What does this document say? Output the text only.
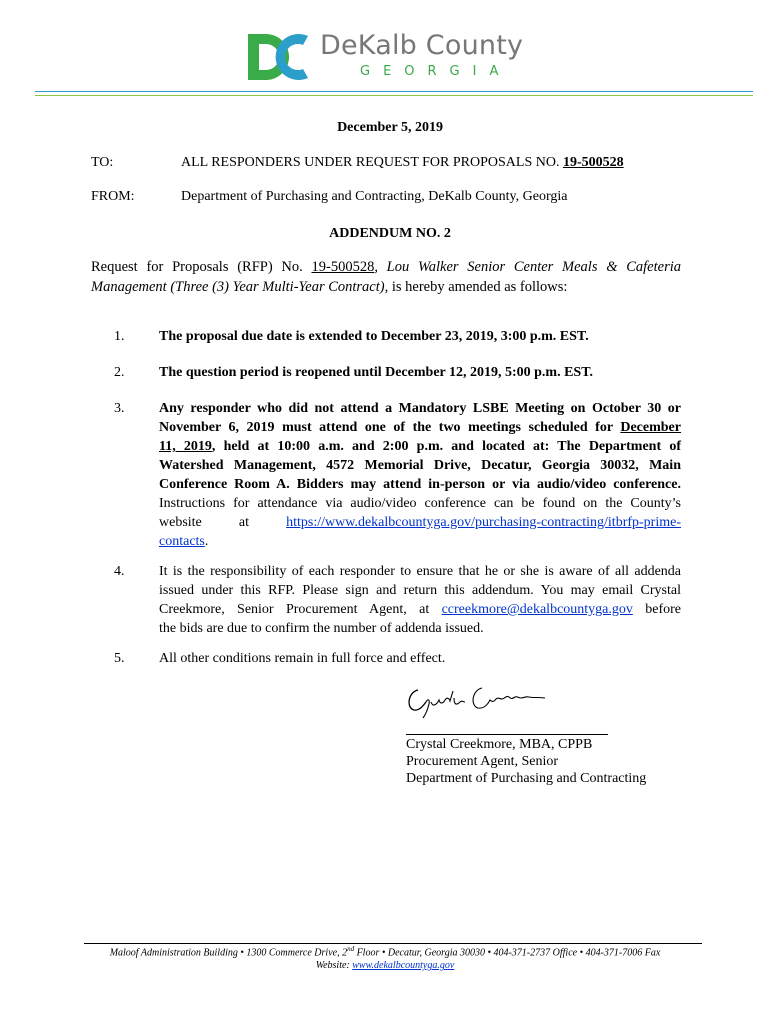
DeKalb County
GEORGIA
December 5, 2019
TO:	ALL RESPONDERS UNDER REQUEST FOR PROPOSALS NO. 19-500528
FROM:	Department of Purchasing and Contracting, DeKalb County, Georgia
ADDENDUM NO. 2
Request for Proposals (RFP) No. 19-500528, Lou Walker Senior Center Meals & Cafeteria
Management (Three (3) Year Multi-Year Contract), is hereby amended as follows:
1. The proposal due date is extended to December 23, 2019, 3:00 p.m. EST.
2. The question period is reopened until December 12, 2019, 5:00 p.m. EST.
3. Any responder who did not attend a Mandatory LSBE Meeting on October 30 or
November 6, 2019 must attend one of the two meetings scheduled for December
11, 2019, held at 10:00 a.m. and 2:00 p.m. and located at: The Department of
Watershed Management, 4572 Memorial Drive, Decatur, Georgia 30032, Main
Conference Room A. Bidders may attend in-person or via audio/video conference.
Instructions for attendance via audio/video conference can be found on the County’s
website	at	https://www.dekalbcountyga.gov/purchasing-contracting/itbrfp-prime-
contacts.
4. It is the responsibility of each responder to ensure that he or she is aware of all addenda
issued under this RFP. Please sign and return this addendum. You may email Crystal
Creekmore, Senior Procurement Agent, at ccreekmore@dekalbcountyga.gov before
the bids are due to confirm the number of addenda issued.
5. All other conditions remain in full force and effect.
Crystal Creekmore, MBA, CPPB
Procurement Agent, Senior
Department of Purchasing and Contracting
Maloof Administration Building • 1300 Commerce Drive, 2nd Floor • Decatur, Georgia 30030 • 404-371-2737 Office • 404-371-7006 Fax
Website: www.dekalbcountyga.gov
